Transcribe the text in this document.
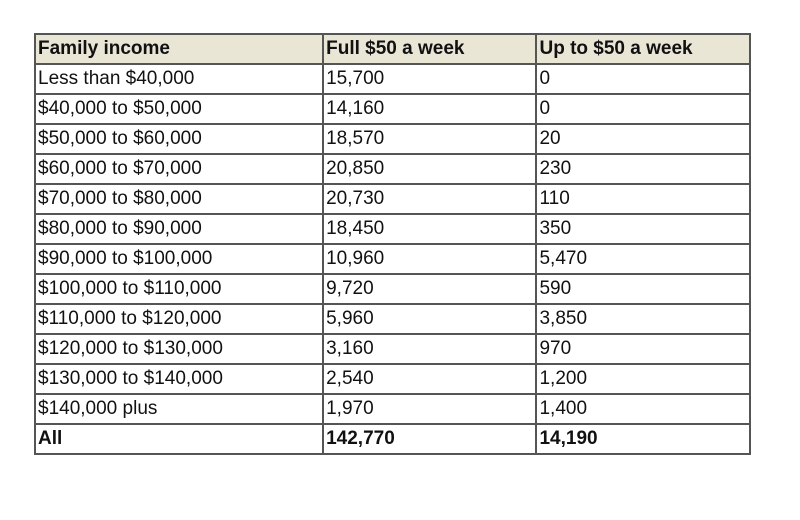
Family income	Full $50 a week	Up to $50 a week
Less than $40,000	15,700	0
$40,000 to $50,000	14,160	0
$50,000 to $60,000	18,570	20
$60,000 to $70,000	20,850	230
$70,000 to $80,000	20,730	110
$80,000 to $90,000	18,450	350
$90,000 to $100,000	10,960	5,470
$100,000 to $110,000	9,720	590
$110,000 to $120,000	5,960	3,850
$120,000 to $130,000	3,160	970
$130,000 to $140,000	2,540	1,200
$140,000 plus	1,970	1,400
All	142,770	14,190
